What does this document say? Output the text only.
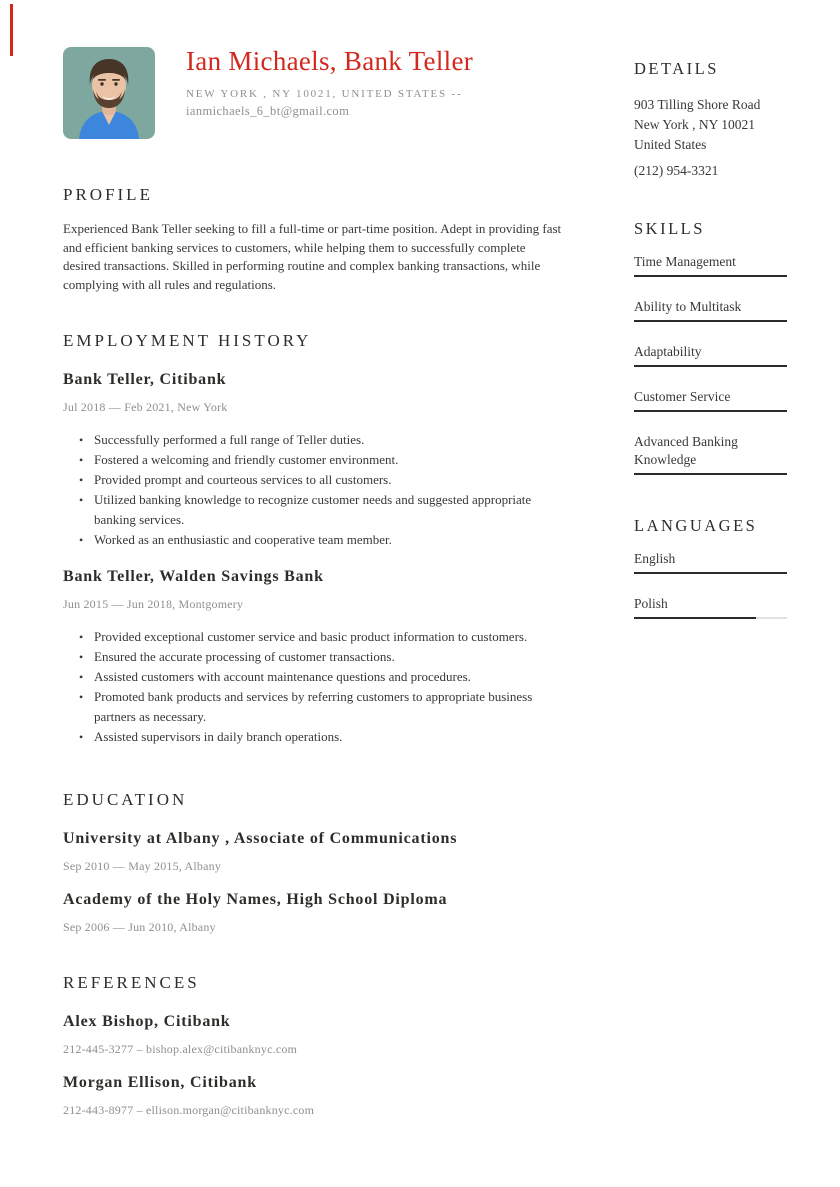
Ian Michaels, Bank Teller
NEW YORK , NY 10021, UNITED STATES --
ianmichaels_6_bt@gmail.com
PROFILE

Experienced Bank Teller seeking to fill a full-time or part-time position. Adept in providing fast and efficient banking services to customers, while helping them to successfully complete desired transactions. Skilled in performing routine and complex banking transactions, while complying with all rules and regulations.

EMPLOYMENT HISTORY
Bank Teller, Citibank
Jul 2018 — Feb 2021, New York
• Successfully performed a full range of Teller duties.
• Fostered a welcoming and friendly customer environment.
• Provided prompt and courteous services to all customers.
• Utilized banking knowledge to recognize customer needs and suggested appropriate banking services.
• Worked as an enthusiastic and cooperative team member.
Bank Teller, Walden Savings Bank
Jun 2015 — Jun 2018, Montgomery
• Provided exceptional customer service and basic product information to customers.
• Ensured the accurate processing of customer transactions.
• Assisted customers with account maintenance questions and procedures.
• Promoted bank products and services by referring customers to appropriate business partners as necessary.
• Assisted supervisors in daily branch operations.
EDUCATION
University at Albany , Associate of Communications
Sep 2010 — May 2015, Albany
Academy of the Holy Names, High School Diploma
Sep 2006 — Jun 2010, Albany
REFERENCES
Alex Bishop, Citibank
212-445-3277 – bishop.alex@citibanknyc.com
Morgan Ellison, Citibank
212-443-8977 – ellison.morgan@citibanknyc.com
DETAILS
903 Tilling Shore Road
New York , NY 10021
United States
(212) 954-3321
SKILLS
Time Management
Ability to Multitask
Adaptability
Customer Service
Advanced Banking Knowledge
LANGUAGES
English
Polish
